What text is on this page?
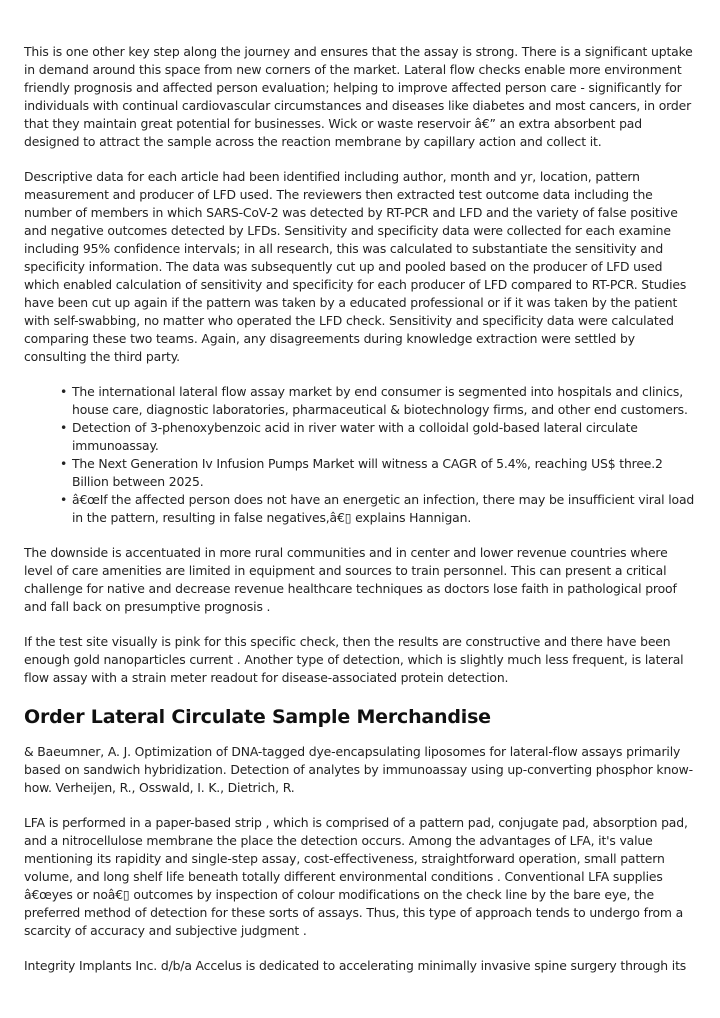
This is one other key step along the journey and ensures that the assay is strong. There is a significant uptake in demand around this space from new corners of the market. Lateral flow checks enable more environment friendly prognosis and affected person evaluation; helping to improve affected person care - significantly for individuals with continual cardiovascular circumstances and diseases like diabetes and most cancers, in order that they maintain great potential for businesses. Wick or waste reservoir â€” an extra absorbent pad designed to attract the sample across the reaction membrane by capillary action and collect it.

Descriptive data for each article had been identified including author, month and yr, location, pattern measurement and producer of LFD used. The reviewers then extracted test outcome data including the number of members in which SARS-CoV-2 was detected by RT-PCR and LFD and the variety of false positive and negative outcomes detected by LFDs. Sensitivity and specificity data were collected for each examine including 95% confidence intervals; in all research, this was calculated to substantiate the sensitivity and specificity information. The data was subsequently cut up and pooled based on the producer of LFD used which enabled calculation of sensitivity and specificity for each producer of LFD compared to RT-PCR. Studies have been cut up again if the pattern was taken by a educated professional or if it was taken by the patient with self-swabbing, no matter who operated the LFD check. Sensitivity and specificity data were calculated comparing these two teams. Again, any disagreements during knowledge extraction were settled by consulting the third party.

• The international lateral flow assay market by end consumer is segmented into hospitals and clinics, house care, diagnostic laboratories, pharmaceutical & biotechnology firms, and other end customers.
• Detection of 3-phenoxybenzoic acid in river water with a colloidal gold-based lateral circulate immunoassay.
• The Next Generation Iv Infusion Pumps Market will witness a CAGR of 5.4%, reaching US$ three.2 Billion between 2025.
• â€œIf the affected person does not have an energetic an infection, there may be insufficient viral load in the pattern, resulting in false negatives,â€▯ explains Hannigan.

The downside is accentuated in more rural communities and in center and lower revenue countries where level of care amenities are limited in equipment and sources to train personnel. This can present a critical challenge for native and decrease revenue healthcare techniques as doctors lose faith in pathological proof and fall back on presumptive prognosis .

If the test site visually is pink for this specific check, then the results are constructive and there have been enough gold nanoparticles current . Another type of detection, which is slightly much less frequent, is lateral flow assay with a strain meter readout for disease-associated protein detection.

Order Lateral Circulate Sample Merchandise

& Baeumner, A. J. Optimization of DNA-tagged dye-encapsulating liposomes for lateral-flow assays primarily based on sandwich hybridization. Detection of analytes by immunoassay using up-converting phosphor know-how. Verheijen, R., Osswald, I. K., Dietrich, R.

LFA is performed in a paper-based strip , which is comprised of a pattern pad, conjugate pad, absorption pad, and a nitrocellulose membrane the place the detection occurs. Among the advantages of LFA, it's value mentioning its rapidity and single-step assay, cost-effectiveness, straightforward operation, small pattern volume, and long shelf life beneath totally different environmental conditions . Conventional LFA supplies â€œyes or noâ€▯ outcomes by inspection of colour modifications on the check line by the bare eye, the preferred method of detection for these sorts of assays. Thus, this type of approach tends to undergo from a scarcity of accuracy and subjective judgment .

Integrity Implants Inc. d/b/a Accelus is dedicated to accelerating minimally invasive spine surgery through its
